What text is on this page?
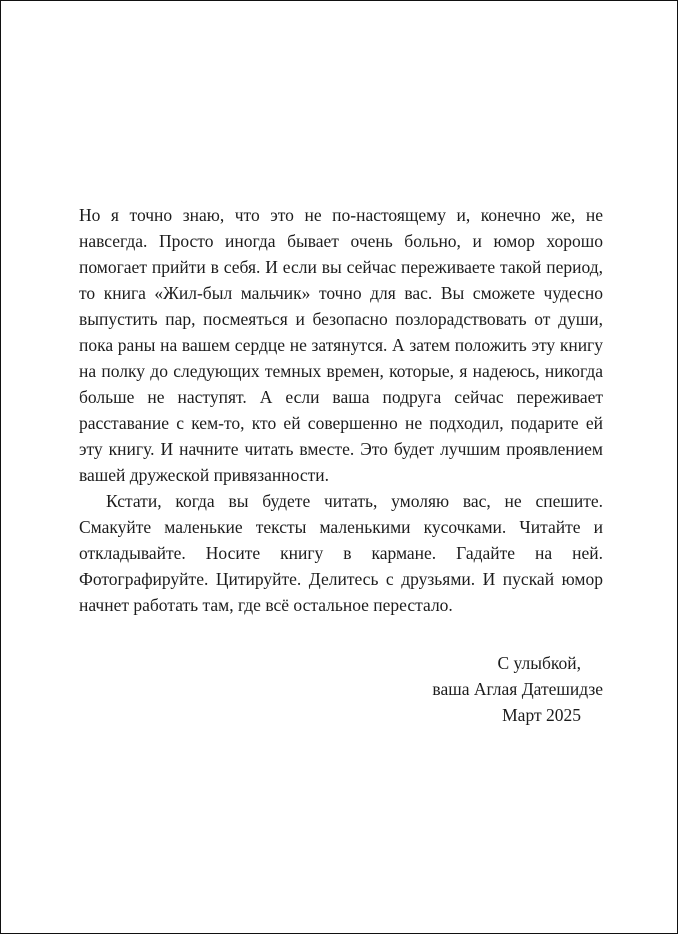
Но я точно знаю, что это не по-настоящему и, конечно же, не навсегда. Просто иногда бывает очень больно, и юмор хорошо помогает прийти в себя. И если вы сейчас переживаете такой период, то книга «Жил-был мальчик» точно для вас. Вы сможете чудесно выпустить пар, посмеяться и безопасно позлорадствовать от души, пока раны на вашем сердце не затянутся. А затем положить эту книгу на полку до следующих темных времен, которые, я надеюсь, никогда больше не наступят. А если ваша подруга сейчас переживает расставание с кем-то, кто ей совершенно не подходил, подарите ей эту книгу. И начните читать вместе. Это будет лучшим проявлением вашей дружеской привязанности.

Кстати, когда вы будете читать, умоляю вас, не спешите. Смакуйте маленькие тексты маленькими кусочками. Читайте и откладывайте. Носите книгу в кармане. Гадайте на ней. Фотографируйте. Цитируйте. Делитесь с друзьями. И пускай юмор начнет работать там, где всё остальное перестало.

С улыбкой,
ваша Аглая Датешидзе
Март 2025
